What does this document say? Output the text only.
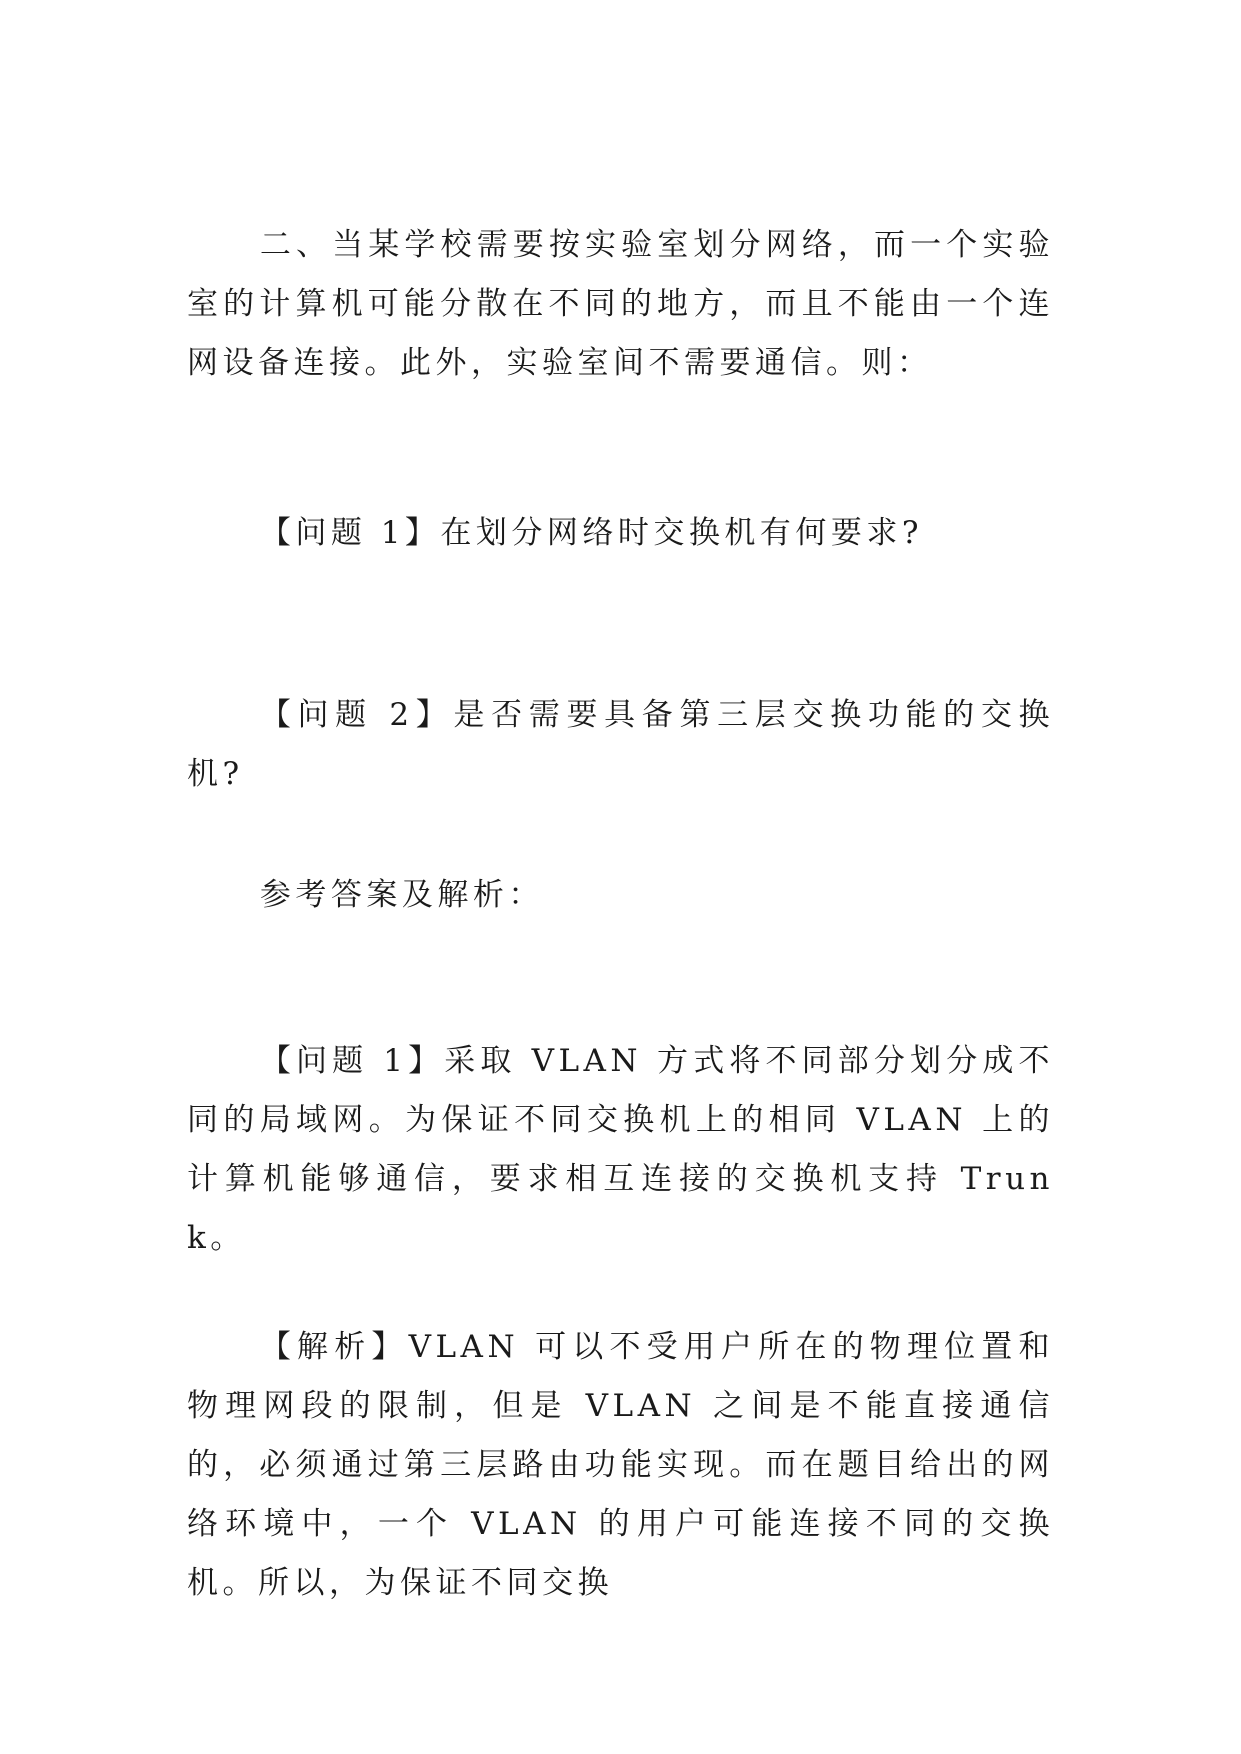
二、当某学校需要按实验室划分网络，而一个实验室的计算机可能分散在不同的地方，而且不能由一个连网设备连接。此外，实验室间不需要通信。则：

【问题 1】在划分网络时交换机有何要求?

【问题 2】是否需要具备第三层交换功能的交换机?

参考答案及解析：

【问题 1】采取 VLAN 方式将不同部分划分成不同的局域网。为保证不同交换机上的相同 VLAN 上的计算机能够通信，要求相互连接的交换机支持 Trunk。

【解析】VLAN 可以不受用户所在的物理位置和物理网段的限制，但是 VLAN 之间是不能直接通信的，必须通过第三层路由功能实现。而在题目给出的网络环境中，一个 VLAN 的用户可能连接不同的交换机。所以，为保证不同交换
